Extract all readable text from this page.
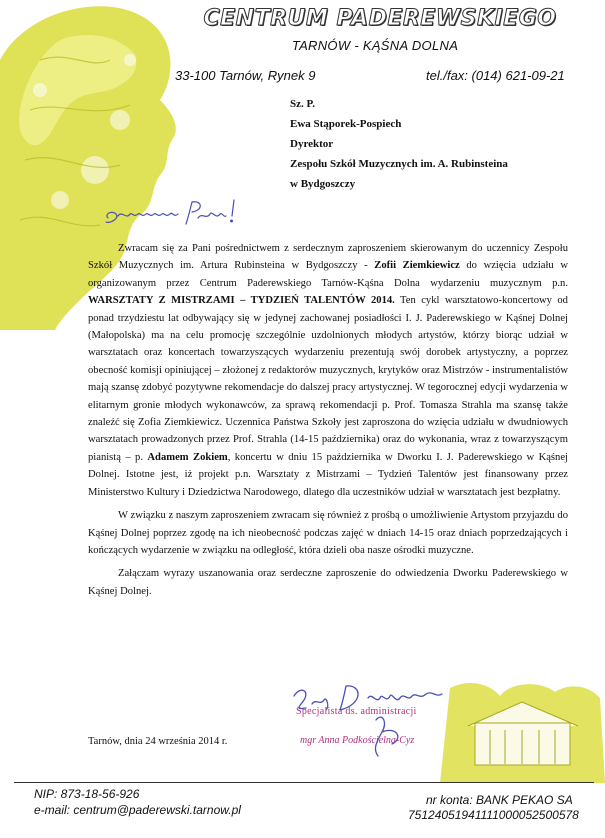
CENTRUM PADEREWSKIEGO
TARNÓW - KĄŚNA DOLNA
33-100 Tarnów, Rynek 9	tel./fax: (014) 621-09-21
Sz. P.
Ewa Stąporek-Pospiech
Dyrektor
Zespołu Szkół Muzycznych im. A. Rubinsteina
w Bydgoszczy

Zwracam się za Pani pośrednictwem z serdecznym zaproszeniem skierowanym do uczennicy Zespołu Szkół Muzycznych im. Artura Rubinsteina w Bydgoszczy - Zofii Ziemkiewicz do wzięcia udziału w organizowanym przez Centrum Paderewskiego Tarnów-Kąśna Dolna wydarzeniu muzycznym p.n. WARSZTATY Z MISTRZAMI – TYDZIEŃ TALENTÓW 2014. Ten cykl warsztatowo-koncertowy od ponad trzydziestu lat odbywający się w jedynej zachowanej posiadłości I. J. Paderewskiego w Kąśnej Dolnej (Małopolska) ma na celu promocję szczególnie uzdolnionych młodych artystów, którzy biorąc udział w warsztatach oraz koncertach towarzyszących wydarzeniu prezentują swój dorobek artystyczny, a poprzez obecność komisji opiniującej – złożonej z redaktorów muzycznych, krytyków oraz Mistrzów - instrumentalistów mają szansę zdobyć pozytywne rekomendacje do dalszej pracy artystycznej. W tegorocznej edycji wydarzenia w elitarnym gronie młodych wykonawców, za sprawą rekomendacji p. Prof. Tomasza Strahla ma szansę także znaleźć się Zofia Ziemkiewicz. Uczennica Państwa Szkoły jest zaproszona do wzięcia udziału w dwudniowych warsztatach prowadzonych przez Prof. Strahla (14-15 października) oraz do wykonania, wraz z towarzyszącym pianistą – p. Adamem Zokiem, koncertu w dniu 15 października w Dworku I. J. Paderewskiego w Kąśnej Dolnej. Istotne jest, iż projekt p.n. Warsztaty z Mistrzami – Tydzień Talentów jest finansowany przez Ministerstwo Kultury i Dziedzictwa Narodowego, dlatego dla uczestników udział w warsztatach jest bezpłatny.

W związku z naszym zaproszeniem zwracam się również z prośbą o umożliwienie Artystom przyjazdu do Kąśnej Dolnej poprzez zgodę na ich nieobecność podczas zajęć w dniach 14-15 oraz dniach poprzedzających i kończących wydarzenie w związku na odległość, która dzieli oba nasze ośrodki muzyczne.

Załączam wyrazy uszanowania oraz serdeczne zaproszenie do odwiedzenia Dworku Paderewskiego w Kąśnej Dolnej.

Specjalista ds. administracji
mgr Anna Podkościelna-Cyz
Tarnów, dnia 24 września 2014 r.
NIP: 873-18-56-926
e-mail: centrum@paderewski.tarnow.pl
nr konta: BANK PEKAO SA
75124051941111000052500578
